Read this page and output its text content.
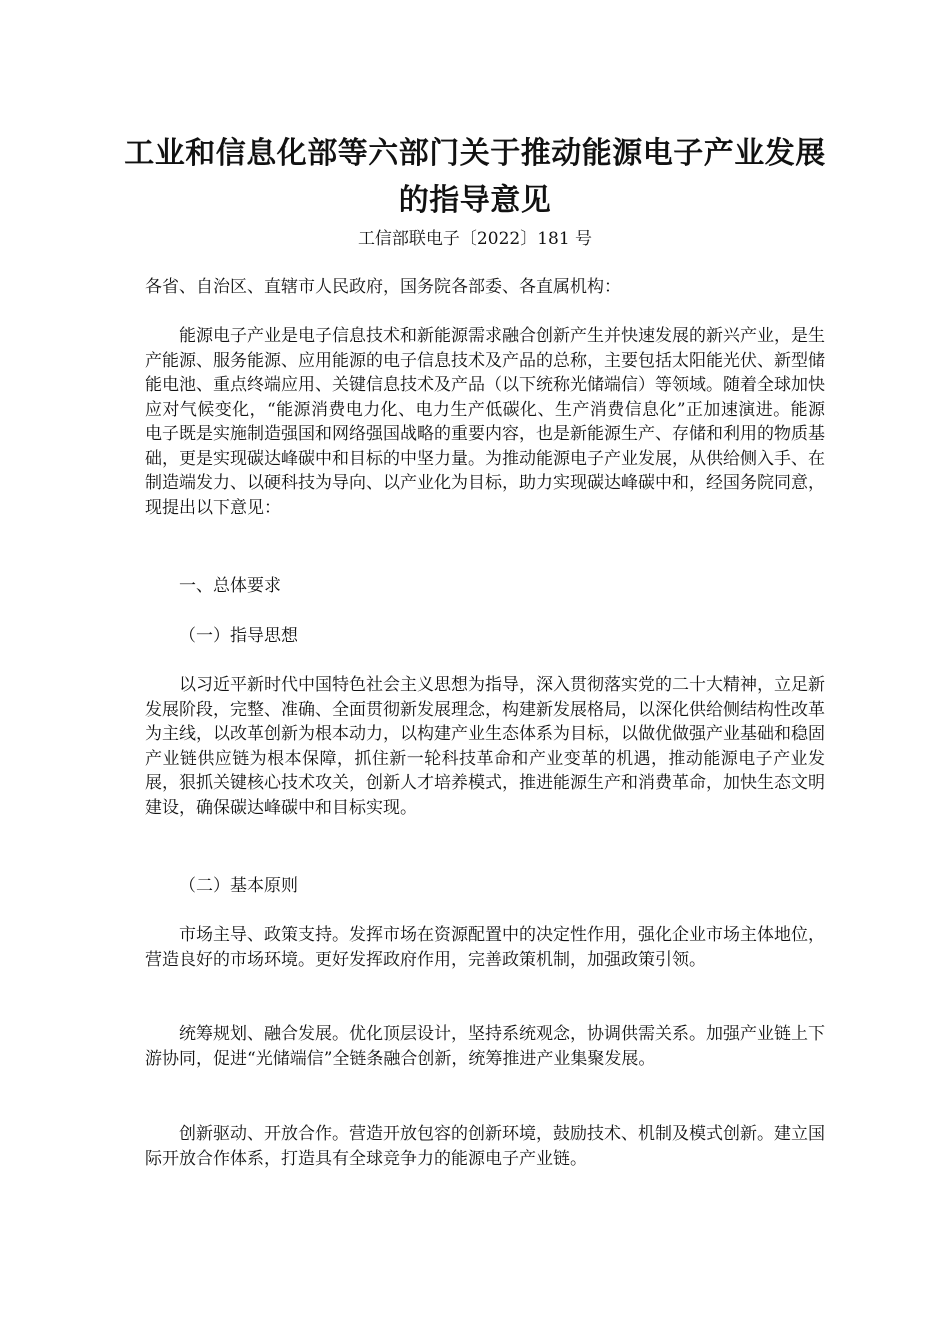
工业和信息化部等六部门关于推动能源电子产业发展
的指导意见
工信部联电子〔2022〕181 号

各省、自治区、直辖市人民政府，国务院各部委、各直属机构：

能源电子产业是电子信息技术和新能源需求融合创新产生并快速发展的新兴产业，是生产能源、服务能源、应用能源的电子信息技术及产品的总称，主要包括太阳能光伏、新型储能电池、重点终端应用、关键信息技术及产品（以下统称光储端信）等领域。随着全球加快应对气候变化，“能源消费电力化、电力生产低碳化、生产消费信息化”正加速演进。能源电子既是实施制造强国和网络强国战略的重要内容，也是新能源生产、存储和利用的物质基础，更是实现碳达峰碳中和目标的中坚力量。为推动能源电子产业发展，从供给侧入手、在制造端发力、以硬科技为导向、以产业化为目标，助力实现碳达峰碳中和，经国务院同意，现提出以下意见：

一、总体要求

（一）指导思想

以习近平新时代中国特色社会主义思想为指导，深入贯彻落实党的二十大精神，立足新发展阶段，完整、准确、全面贯彻新发展理念，构建新发展格局，以深化供给侧结构性改革为主线，以改革创新为根本动力，以构建产业生态体系为目标，以做优做强产业基础和稳固产业链供应链为根本保障，抓住新一轮科技革命和产业变革的机遇，推动能源电子产业发展，狠抓关键核心技术攻关，创新人才培养模式，推进能源生产和消费革命，加快生态文明建设，确保碳达峰碳中和目标实现。

（二）基本原则

市场主导、政策支持。发挥市场在资源配置中的决定性作用，强化企业市场主体地位，营造良好的市场环境。更好发挥政府作用，完善政策机制，加强政策引领。

统筹规划、融合发展。优化顶层设计，坚持系统观念，协调供需关系。加强产业链上下游协同，促进“光储端信”全链条融合创新，统筹推进产业集聚发展。

创新驱动、开放合作。营造开放包容的创新环境，鼓励技术、机制及模式创新。建立国际开放合作体系，打造具有全球竞争力的能源电子产业链。
